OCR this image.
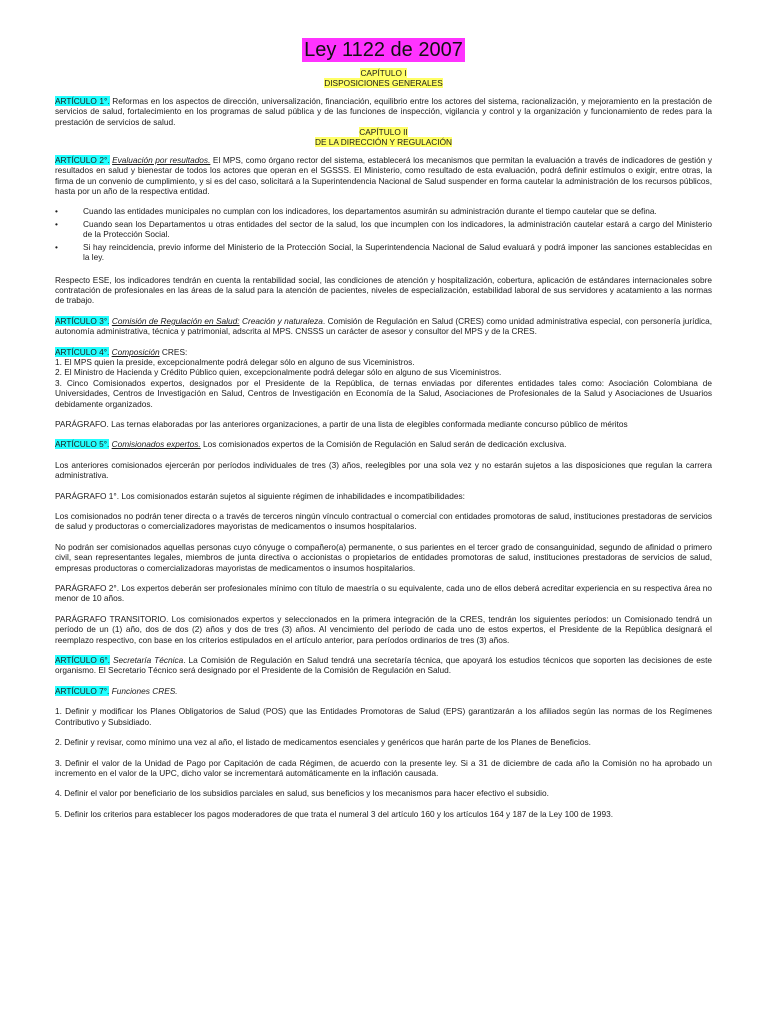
Ley 1122 de 2007
CAPÍTULO I
DISPOSICIONES GENERALES

ARTÍCULO 1°. Reformas en los aspectos de dirección, universalización, financiación, equilibrio entre los actores del sistema, racionalización, y mejoramiento en la prestación de servicios de salud, fortalecimiento en los programas de salud pública y de las funciones de inspección, vigilancia y control y la organización y funcionamiento de redes para la prestación de servicios de salud.

CAPÍTULO II
DE LA DIRECCIÓN Y REGULACIÓN

ARTÍCULO 2°. Evaluación por resultados. El MPS, como órgano rector del sistema, establecerá los mecanismos que permitan la evaluación a través de indicadores de gestión y resultados en salud y bienestar de todos los actores que operan en el SGSSS. El Ministerio, como resultado de esta evaluación, podrá definir estímulos o exigir, entre otras, la firma de un convenio de cumplimiento, y si es del caso, solicitará a la Superintendencia Nacional de Salud suspender en forma cautelar la administración de los recursos públicos, hasta por un año de la respectiva entidad.

•	Cuando las entidades municipales no cumplan con los indicadores, los departamentos asumirán su administración durante el tiempo cautelar que se defina.
•	Cuando sean los Departamentos u otras entidades del sector de la salud, los que incumplen con los indicadores, la administración cautelar estará a cargo del Ministerio de la Protección Social.
•	Si hay reincidencia, previo informe del Ministerio de la Protección Social, la Superintendencia Nacional de Salud evaluará y podrá imponer las sanciones establecidas en la ley.

Respecto ESE, los indicadores tendrán en cuenta la rentabilidad social, las condiciones de atención y hospitalización, cobertura, aplicación de estándares internacionales sobre contratación de profesionales en las áreas de la salud para la atención de pacientes, niveles de especialización, estabilidad laboral de sus servidores y acatamiento a las normas de trabajo.

ARTÍCULO 3°. Comisión de Regulación en Salud: Creación y naturaleza. Comisión de Regulación en Salud (CRES) como unidad administrativa especial, con personería jurídica, autonomía administrativa, técnica y patrimonial, adscrita al MPS. CNSSS un carácter de asesor y consultor del MPS y de la CRES.

ARTÍCULO 4°. Composición CRES:

1. El MPS quien la preside, excepcionalmente podrá delegar sólo en alguno de sus Viceministros.

2. El Ministro de Hacienda y Crédito Público quien, excepcionalmente podrá delegar sólo en alguno de sus Viceministros.

3. Cinco Comisionados expertos, designados por el Presidente de la República, de ternas enviadas por diferentes entidades tales como: Asociación Colombiana de Universidades, Centros de Investigación en Salud, Centros de Investigación en Economía de la Salud, Asociaciones de Profesionales de la Salud y Asociaciones de Usuarios debidamente organizados.

PARÁGRAFO. Las ternas elaboradas por las anteriores organizaciones, a partir de una lista de elegibles conformada mediante concurso público de méritos

ARTÍCULO 5°. Comisionados expertos. Los comisionados expertos de la Comisión de Regulación en Salud serán de dedicación exclusiva.

Los anteriores comisionados ejercerán por períodos individuales de tres (3) años, reelegibles por una sola vez y no estarán sujetos a las disposiciones que regulan la carrera administrativa.

PARÁGRAFO 1°. Los comisionados estarán sujetos al siguiente régimen de inhabilidades e incompatibilidades:

Los comisionados no podrán tener directa o a través de terceros ningún vínculo contractual o comercial con entidades promotoras de salud, instituciones prestadoras de servicios de salud y productoras o comercializadores mayoristas de medicamentos o insumos hospitalarios.

No podrán ser comisionados aquellas personas cuyo cónyuge o compañero(a) permanente, o sus parientes en el tercer grado de consanguinidad, segundo de afinidad o primero civil, sean representantes legales, miembros de junta directiva o accionistas o propietarios de entidades promotoras de salud, instituciones prestadoras de servicios de salud, empresas productoras o comercializadoras mayoristas de medicamentos o insumos hospitalarios.

PARÁGRAFO 2°. Los expertos deberán ser profesionales mínimo con título de maestría o su equivalente, cada uno de ellos deberá acreditar experiencia en su respectiva área no menor de 10 años.

PARÁGRAFO TRANSITORIO. Los comisionados expertos y seleccionados en la primera integración de la CRES, tendrán los siguientes períodos: un Comisionado tendrá un período de un (1) año, dos de dos (2) años y dos de tres (3) años. Al vencimiento del período de cada uno de estos expertos, el Presidente de la República designará el reemplazo respectivo, con base en los criterios estipulados en el artículo anterior, para períodos ordinarios de tres (3) años.

ARTÍCULO 6°. Secretaría Técnica. La Comisión de Regulación en Salud tendrá una secretaría técnica, que apoyará los estudios técnicos que soporten las decisiones de este organismo. El Secretario Técnico será designado por el Presidente de la Comisión de Regulación en Salud.

ARTÍCULO 7°. Funciones CRES.

1. Definir y modificar los Planes Obligatorios de Salud (POS) que las Entidades Promotoras de Salud (EPS) garantizarán a los afiliados según las normas de los Regímenes Contributivo y Subsidiado.

2. Definir y revisar, como mínimo una vez al año, el listado de medicamentos esenciales y genéricos que harán parte de los Planes de Beneficios.

3. Definir el valor de la Unidad de Pago por Capitación de cada Régimen, de acuerdo con la presente ley. Si a 31 de diciembre de cada año la Comisión no ha aprobado un incremento en el valor de la UPC, dicho valor se incrementará automáticamente en la inflación causada.

4. Definir el valor por beneficiario de los subsidios parciales en salud, sus beneficios y los mecanismos para hacer efectivo el subsidio.

5. Definir los criterios para establecer los pagos moderadores de que trata el numeral 3 del artículo 160 y los artículos 164 y 187 de la Ley 100 de 1993.
